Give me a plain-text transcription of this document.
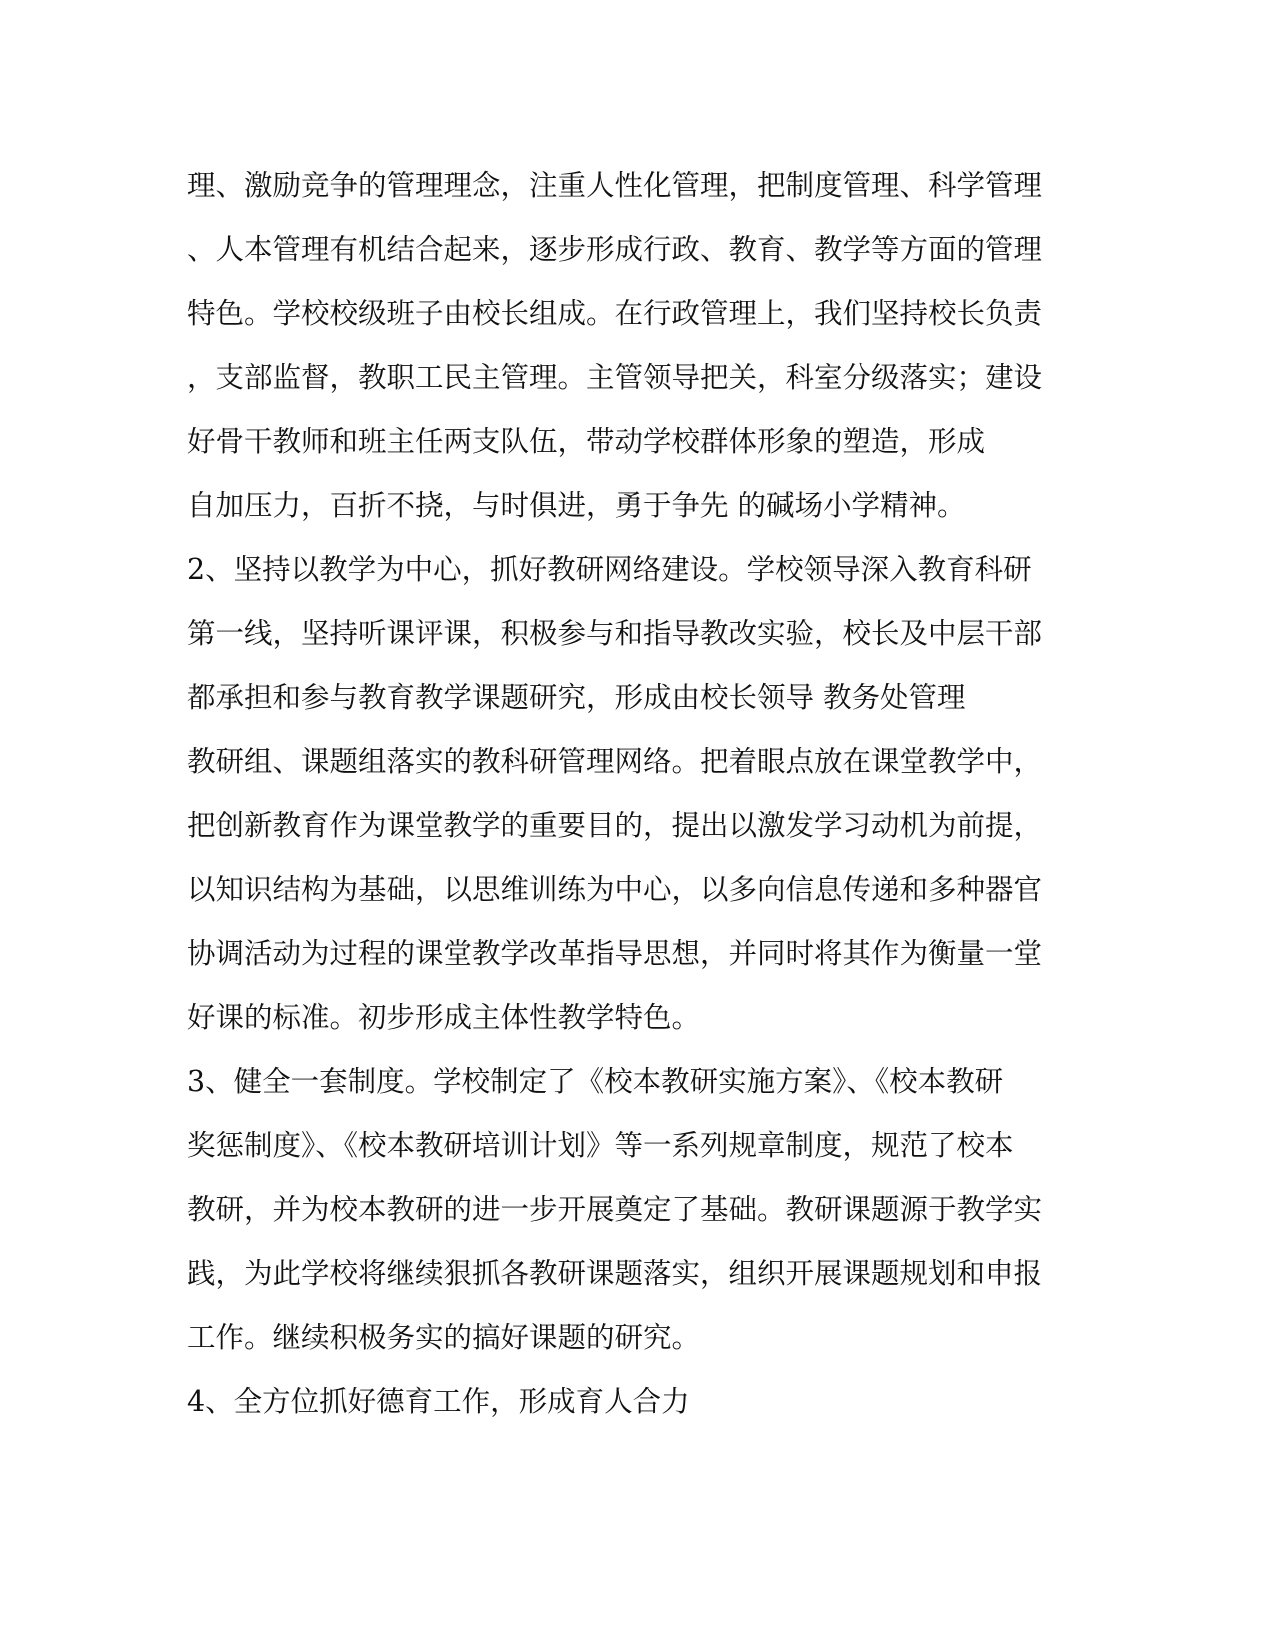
理、激励竞争的管理理念，注重人性化管理，把制度管理、科学管理
、人本管理有机结合起来，逐步形成行政、教育、教学等方面的管理
特色。学校校级班子由校长组成。在行政管理上，我们坚持校长负责
，支部监督，教职工民主管理。主管领导把关，科室分级落实；建设
好骨干教师和班主任两支队伍，带动学校群体形象的塑造，形成
自加压力，百折不挠，与时俱进，勇于争先 的碱场小学精神。
2、坚持以教学为中心，抓好教研网络建设。学校领导深入教育科研
第一线，坚持听课评课，积极参与和指导教改实验，校长及中层干部
都承担和参与教育教学课题研究，形成由校长领导 教务处管理
教研组、课题组落实的教科研管理网络。把着眼点放在课堂教学中，
把创新教育作为课堂教学的重要目的，提出以激发学习动机为前提，
以知识结构为基础，以思维训练为中心，以多向信息传递和多种器官
协调活动为过程的课堂教学改革指导思想，并同时将其作为衡量一堂
好课的标准。初步形成主体性教学特色。
3、健全一套制度。学校制定了《校本教研实施方案》、《校本教研
奖惩制度》、《校本教研培训计划》等一系列规章制度，规范了校本
教研，并为校本教研的进一步开展奠定了基础。教研课题源于教学实
践，为此学校将继续狠抓各教研课题落实，组织开展课题规划和申报
工作。继续积极务实的搞好课题的研究。
4、全方位抓好德育工作，形成育人合力
